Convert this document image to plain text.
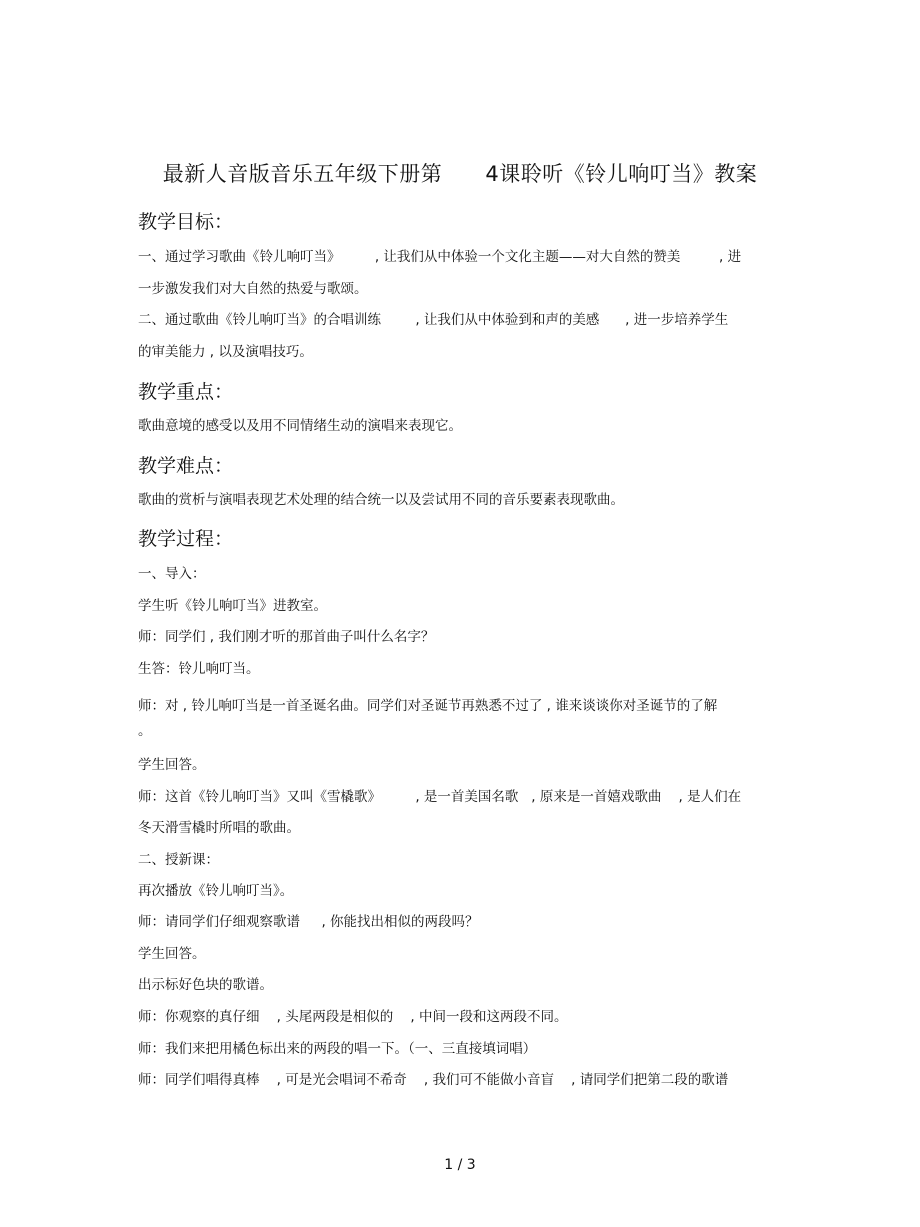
最新人音版音乐五年级下册第      4课聆听《铃儿响叮当》教案
教学目标：
一、通过学习歌曲《铃儿响叮当》        , 让我们从中体验一个文化主题——对大自然的赞美         , 进
一步激发我们对大自然的热爱与歌颂。
二、通过歌曲《铃儿响叮当》的合唱训练        , 让我们从中体验到和声的美感      , 进一步培养学生
的审美能力 , 以及演唱技巧。
教学重点：
歌曲意境的感受以及用不同情绪生动的演唱来表现它。
教学难点：
歌曲的赏析与演唱表现艺术处理的结合统一以及尝试用不同的音乐要素表现歌曲。
教学过程：
一、导入：
学生听《铃儿响叮当》进教室。
师：同学们 , 我们刚才听的那首曲子叫什么名字？
生答：铃儿响叮当。
师：对 , 铃儿响叮当是一首圣诞名曲。同学们对圣诞节再熟悉不过了 , 谁来谈谈你对圣诞节的了解
。
学生回答。
师：这首《铃儿响叮当》又叫《雪橇歌》        , 是一首美国名歌   , 原来是一首嬉戏歌曲    , 是人们在
冬天滑雪橇时所唱的歌曲。
二、授新课：
再次播放《铃儿响叮当》。
师：请同学们仔细观察歌谱     , 你能找出相似的两段吗？
学生回答。
出示标好色块的歌谱。
师：你观察的真仔细    , 头尾两段是相似的    , 中间一段和这两段不同。
师：我们来把用橘色标出来的两段的唱一下。（一、三直接填词唱）
师：同学们唱得真棒    , 可是光会唱词不希奇    , 我们可不能做小音盲    , 请同学们把第二段的歌谱
1 / 3
